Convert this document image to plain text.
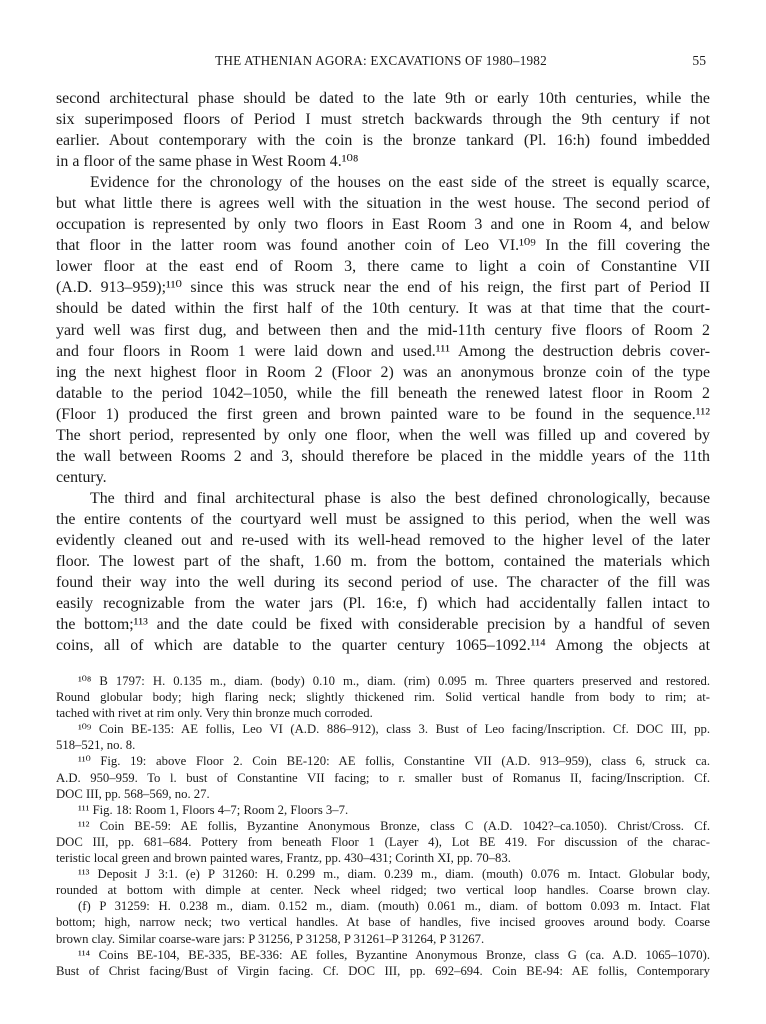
THE ATHENIAN AGORA: EXCAVATIONS OF 1980–1982	55
second architectural phase should be dated to the late 9th or early 10th centuries, while the
six superimposed floors of Period I must stretch backwards through the 9th century if not
earlier. About contemporary with the coin is the bronze tankard (Pl. 16:h) found imbedded
in a floor of the same phase in West Room 4.¹⁰⁸
Evidence for the chronology of the houses on the east side of the street is equally scarce,
but what little there is agrees well with the situation in the west house. The second period of
occupation is represented by only two floors in East Room 3 and one in Room 4, and below
that floor in the latter room was found another coin of Leo VI.¹⁰⁹ In the fill covering the
lower floor at the east end of Room 3, there came to light a coin of Constantine VII
(A.D. 913–959);¹¹⁰ since this was struck near the end of his reign, the first part of Period II
should be dated within the first half of the 10th century. It was at that time that the court-
yard well was first dug, and between then and the mid-11th century five floors of Room 2
and four floors in Room 1 were laid down and used.¹¹¹ Among the destruction debris cover-
ing the next highest floor in Room 2 (Floor 2) was an anonymous bronze coin of the type
datable to the period 1042–1050, while the fill beneath the renewed latest floor in Room 2
(Floor 1) produced the first green and brown painted ware to be found in the sequence.¹¹²
The short period, represented by only one floor, when the well was filled up and covered by
the wall between Rooms 2 and 3, should therefore be placed in the middle years of the 11th
century.
The third and final architectural phase is also the best defined chronologically, because
the entire contents of the courtyard well must be assigned to this period, when the well was
evidently cleaned out and re-used with its well-head removed to the higher level of the later
floor. The lowest part of the shaft, 1.60 m. from the bottom, contained the materials which
found their way into the well during its second period of use. The character of the fill was
easily recognizable from the water jars (Pl. 16:e, f) which had accidentally fallen intact to
the bottom;¹¹³ and the date could be fixed with considerable precision by a handful of seven
coins, all of which are datable to the quarter century 1065–1092.¹¹⁴ Among the objects at
¹⁰⁸ B 1797: H. 0.135 m., diam. (body) 0.10 m., diam. (rim) 0.095 m. Three quarters preserved and restored.
Round globular body; high flaring neck; slightly thickened rim. Solid vertical handle from body to rim; at-
tached with rivet at rim only. Very thin bronze much corroded.
¹⁰⁹ Coin BE-135: AE follis, Leo VI (A.D. 886–912), class 3. Bust of Leo facing/Inscription. Cf. DOC III, pp.
518–521, no. 8.
¹¹⁰ Fig. 19: above Floor 2. Coin BE-120: AE follis, Constantine VII (A.D. 913–959), class 6, struck ca.
A.D. 950–959. To l. bust of Constantine VII facing; to r. smaller bust of Romanus II, facing/Inscription. Cf.
DOC III, pp. 568–569, no. 27.
¹¹¹ Fig. 18: Room 1, Floors 4–7; Room 2, Floors 3–7.
¹¹² Coin BE-59: AE follis, Byzantine Anonymous Bronze, class C (A.D. 1042?–ca.1050). Christ/Cross. Cf.
DOC III, pp. 681–684. Pottery from beneath Floor 1 (Layer 4), Lot BE 419. For discussion of the charac-
teristic local green and brown painted wares, Frantz, pp. 430–431; Corinth XI, pp. 70–83.
¹¹³ Deposit J 3:1. (e) P 31260: H. 0.299 m., diam. 0.239 m., diam. (mouth) 0.076 m. Intact. Globular body,
rounded at bottom with dimple at center. Neck wheel ridged; two vertical loop handles. Coarse brown clay.
(f) P 31259: H. 0.238 m., diam. 0.152 m., diam. (mouth) 0.061 m., diam. of bottom 0.093 m. Intact. Flat
bottom; high, narrow neck; two vertical handles. At base of handles, five incised grooves around body. Coarse
brown clay. Similar coarse-ware jars: P 31256, P 31258, P 31261–P 31264, P 31267.
¹¹⁴ Coins BE-104, BE-335, BE-336: AE folles, Byzantine Anonymous Bronze, class G (ca. A.D. 1065–1070).
Bust of Christ facing/Bust of Virgin facing. Cf. DOC III, pp. 692–694. Coin BE-94: AE follis, Contemporary
